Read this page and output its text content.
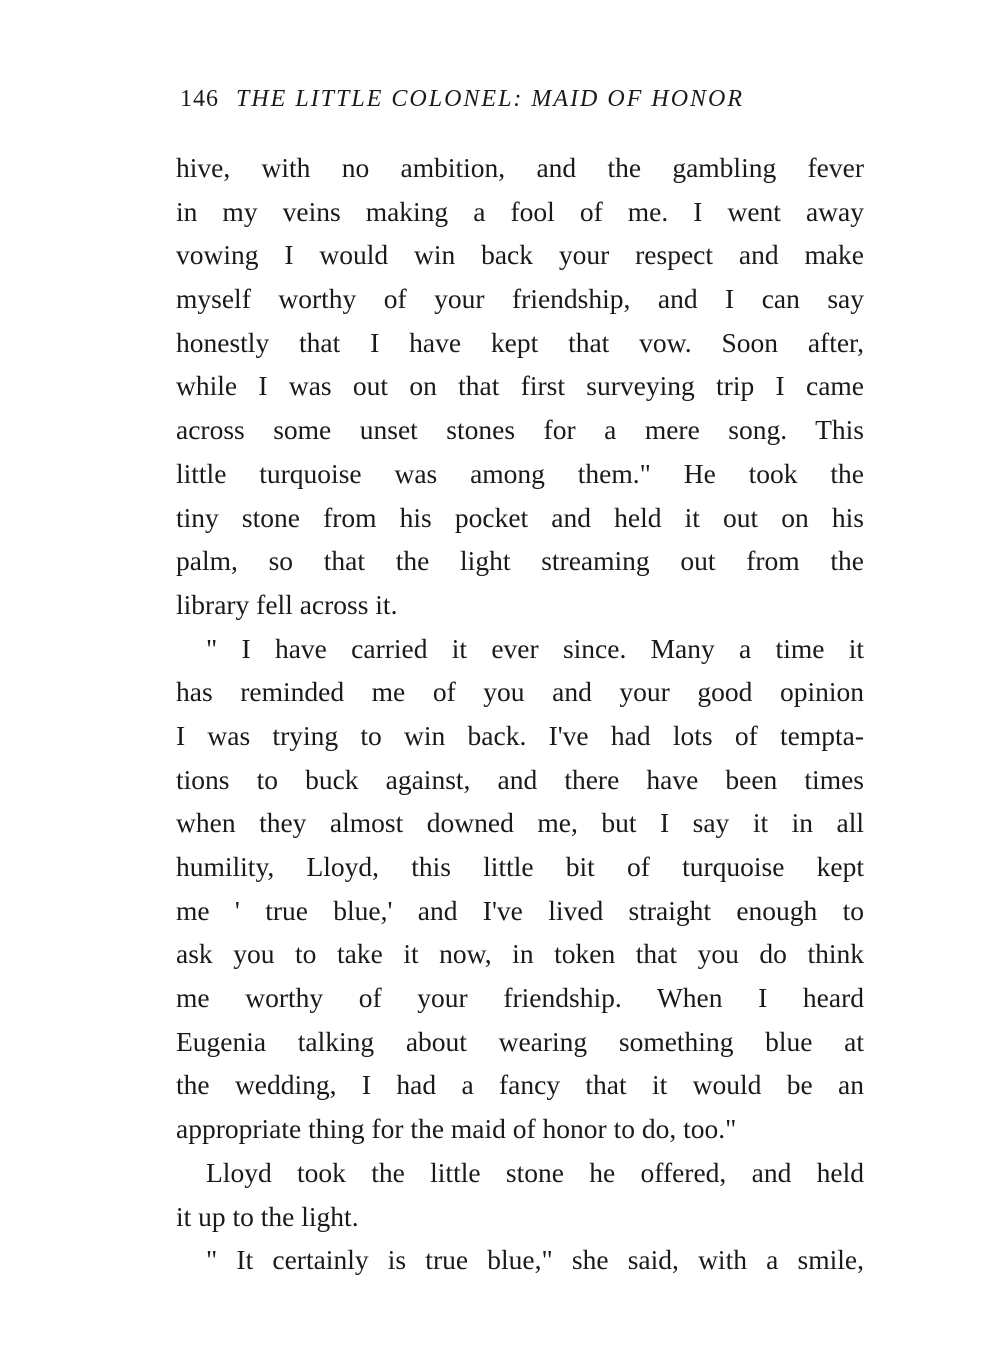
146 THE LITTLE COLONEL: MAID OF HONOR
hive, with no ambition, and the gambling fever
in my veins making a fool of me. I went away
vowing I would win back your respect and make
myself worthy of your friendship, and I can say
honestly that I have kept that vow. Soon after,
while I was out on that first surveying trip I came
across some unset stones for a mere song. This
little turquoise was among them." He took the
tiny stone from his pocket and held it out on his
palm, so that the light streaming out from the
library fell across it.
" I have carried it ever since. Many a time it
has reminded me of you and your good opinion
I was trying to win back. I've had lots of tempta-
tions to buck against, and there have been times
when they almost downed me, but I say it in all
humility, Lloyd, this little bit of turquoise kept
me ' true blue,' and I've lived straight enough to
ask you to take it now, in token that you do think
me worthy of your friendship. When I heard
Eugenia talking about wearing something blue at
the wedding, I had a fancy that it would be an
appropriate thing for the maid of honor to do, too."
Lloyd took the little stone he offered, and held
it up to the light.
" It certainly is true blue," she said, with a smile,
